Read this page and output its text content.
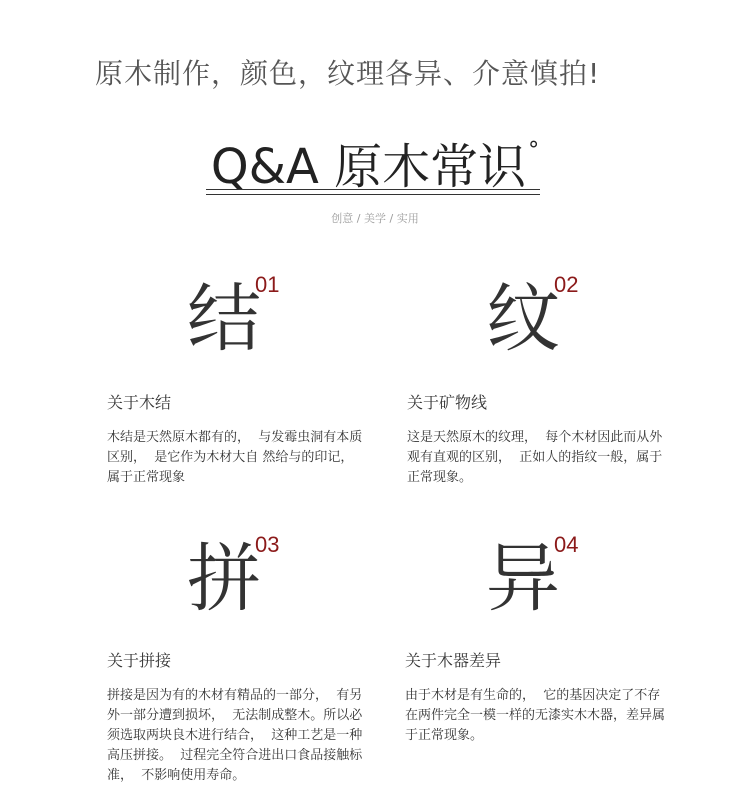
原木制作，颜色，纹理各异、介意慎拍!
Q&A 原木常识°
创意 / 美学 / 实用
结
01
关于木结
木结是天然原木都有的，  与发霉虫洞有本质区别，  是它作为木材大自 然给与的印记，  属于正常现象
纹
02
关于矿物线
这是天然原木的纹理，  每个木材因此而从外观有直观的区别，  正如人的指纹一般，属于正常现象。
拼
03
关于拼接
拼接是因为有的木材有精品的一部分，  有另外一部分遭到损坏，  无法制成整木。所以必须选取两块良木进行结合，  这种工艺是一种高压拼接。  过程完全符合进出口食品接触标准，  不影响使用寿命。
异
04
关于木器差异
由于木材是有生命的，  它的基因决定了不存在两件完全一模一样的无漆实木木器，差异属于正常现象。
